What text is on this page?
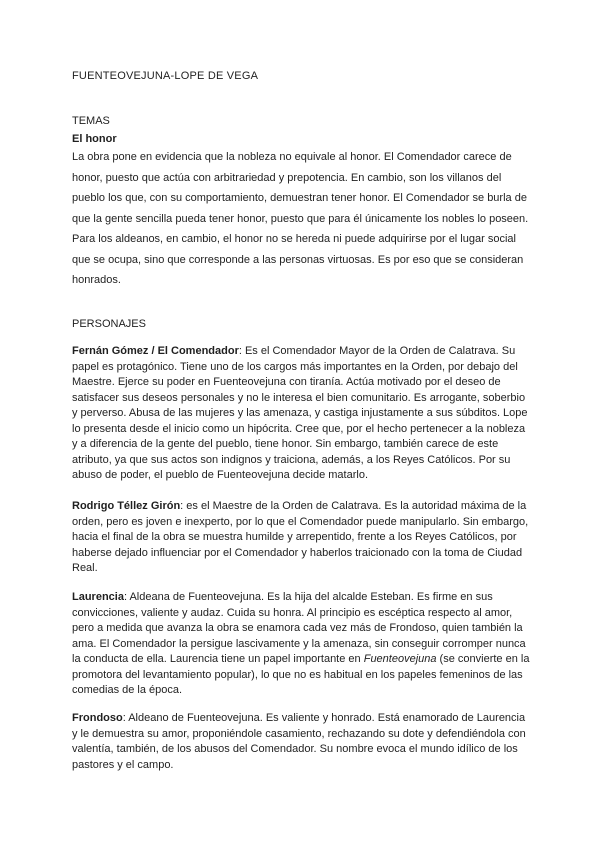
FUENTEOVEJUNA-LOPE DE VEGA
TEMAS
El honor

La obra pone en evidencia que la nobleza no equivale al honor. El Comendador carece de honor, puesto que actúa con arbitrariedad y prepotencia. En cambio, son los villanos del pueblo los que, con su comportamiento, demuestran tener honor. El Comendador se burla de que la gente sencilla pueda tener honor, puesto que para él únicamente los nobles lo poseen. Para los aldeanos, en cambio, el honor no se hereda ni puede adquirirse por el lugar social que se ocupa, sino que corresponde a las personas virtuosas. Es por eso que se consideran honrados.

PERSONAJES

Fernán Gómez / El Comendador: Es el Comendador Mayor de la Orden de Calatrava. Su papel es protagónico. Tiene uno de los cargos más importantes en la Orden, por debajo del Maestre. Ejerce su poder en Fuenteovejuna con tiranía. Actúa motivado por el deseo de satisfacer sus deseos personales y no le interesa el bien comunitario. Es arrogante, soberbio y perverso. Abusa de las mujeres y las amenaza, y castiga injustamente a sus súbditos. Lope lo presenta desde el inicio como un hipócrita. Cree que, por el hecho pertenecer a la nobleza y a diferencia de la gente del pueblo, tiene honor. Sin embargo, también carece de este atributo, ya que sus actos son indignos y traiciona, además, a los Reyes Católicos. Por su abuso de poder, el pueblo de Fuenteovejuna decide matarlo.

Rodrigo Téllez Girón: es el Maestre de la Orden de Calatrava. Es la autoridad máxima de la orden, pero es joven e inexperto, por lo que el Comendador puede manipularlo. Sin embargo, hacia el final de la obra se muestra humilde y arrepentido, frente a los Reyes Católicos, por haberse dejado influenciar por el Comendador y haberlos traicionado con la toma de Ciudad Real.

Laurencia: Aldeana de Fuenteovejuna. Es la hija del alcalde Esteban. Es firme en sus convicciones, valiente y audaz. Cuida su honra. Al principio es escéptica respecto al amor, pero a medida que avanza la obra se enamora cada vez más de Frondoso, quien también la ama. El Comendador la persigue lascivamente y la amenaza, sin conseguir corromper nunca la conducta de ella. Laurencia tiene un papel importante en Fuenteovejuna (se convierte en la promotora del levantamiento popular), lo que no es habitual en los papeles femeninos de las comedias de la época.

Frondoso: Aldeano de Fuenteovejuna. Es valiente y honrado. Está enamorado de Laurencia y le demuestra su amor, proponiéndole casamiento, rechazando su dote y defendiéndola con valentía, también, de los abusos del Comendador. Su nombre evoca el mundo idílico de los pastores y el campo.
